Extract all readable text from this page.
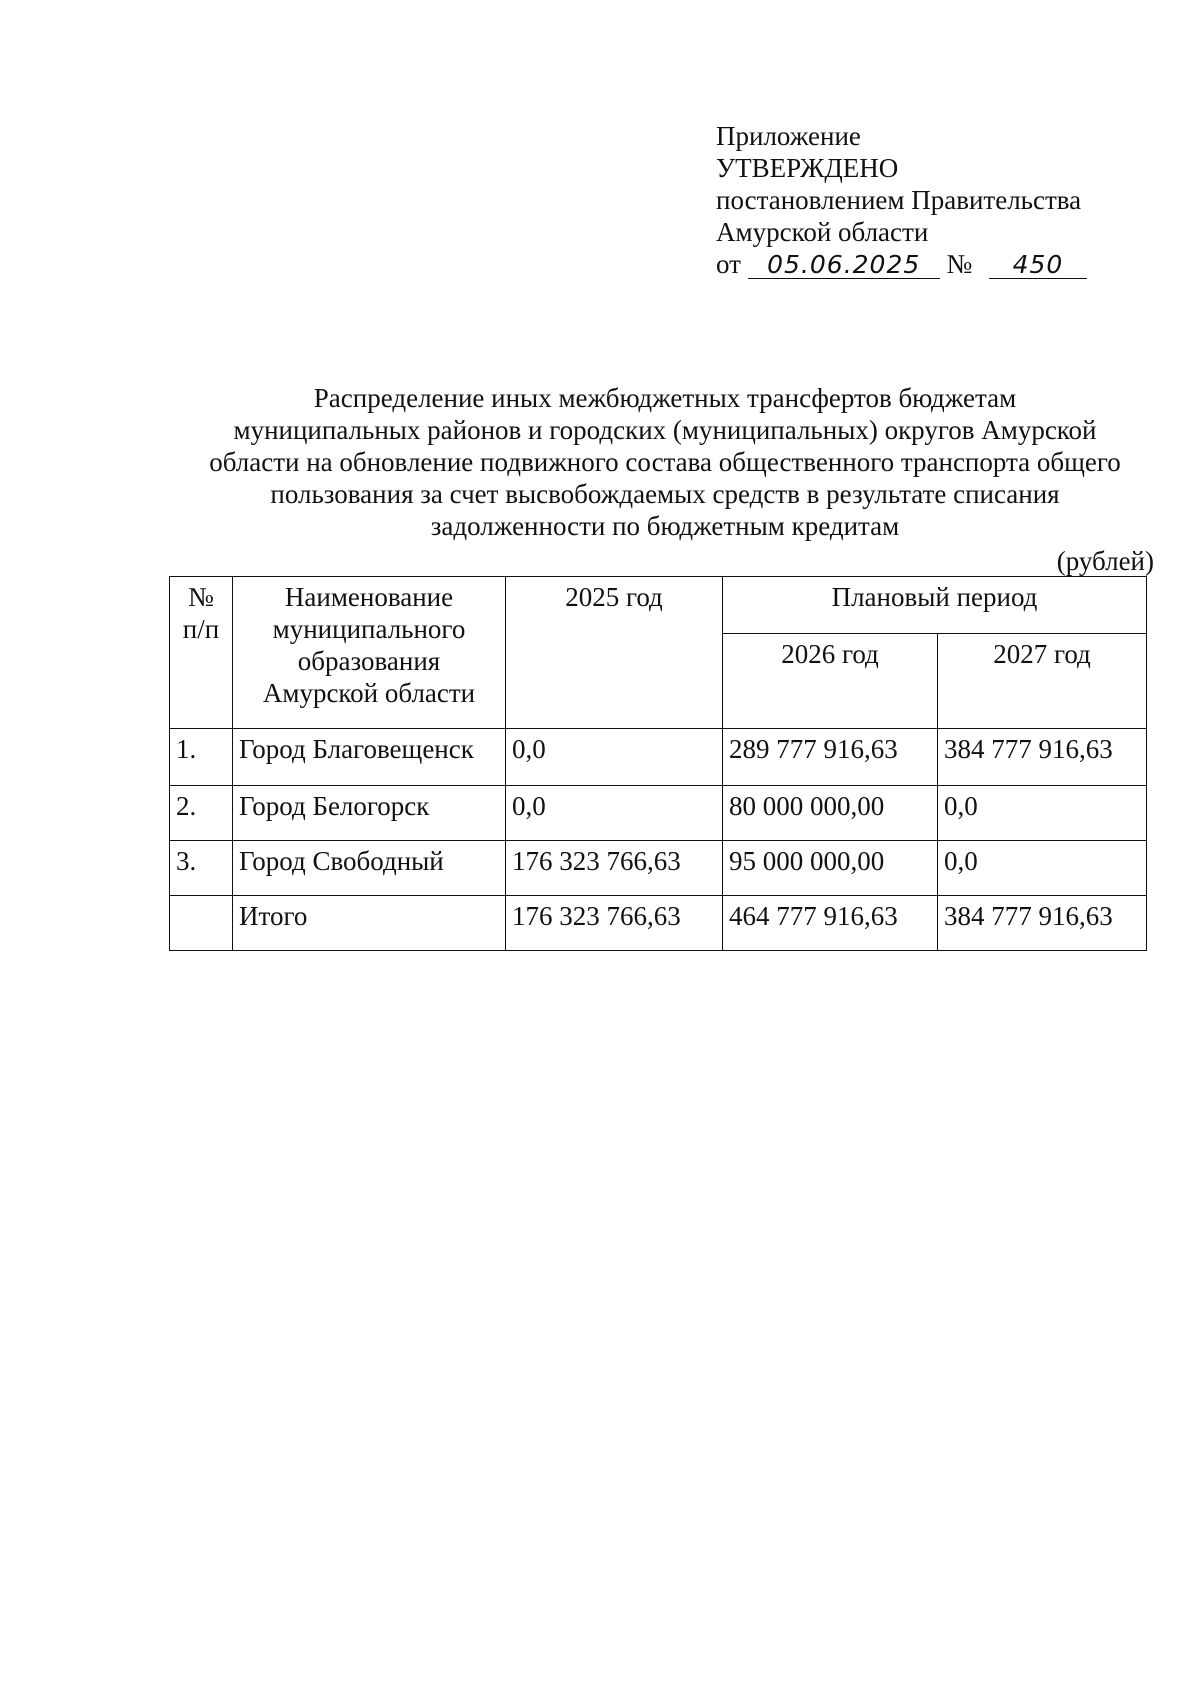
Приложение
УТВЕРЖДЕНО
постановлением Правительства
Амурской области
от 05.06.2025 № 450
Распределение иных межбюджетных трансфертов бюджетам
муниципальных районов и городских (муниципальных) округов Амурской
области на обновление подвижного состава общественного транспорта общего
пользования за счет высвобождаемых средств в результате списания
задолженности по бюджетным кредитам
(рублей)
№ п/п	Наименование муниципального образования Амурской области	2025 год	Плановый период	
			2026 год	2027 год
1.	Город Благовещенск	0,0	289 777 916,63	384 777 916,63
2.	Город Белогорск	0,0	80 000 000,00	0,0
3.	Город Свободный	176 323 766,63	95 000 000,00	0,0
	Итого	176 323 766,63	464 777 916,63	384 777 916,63
